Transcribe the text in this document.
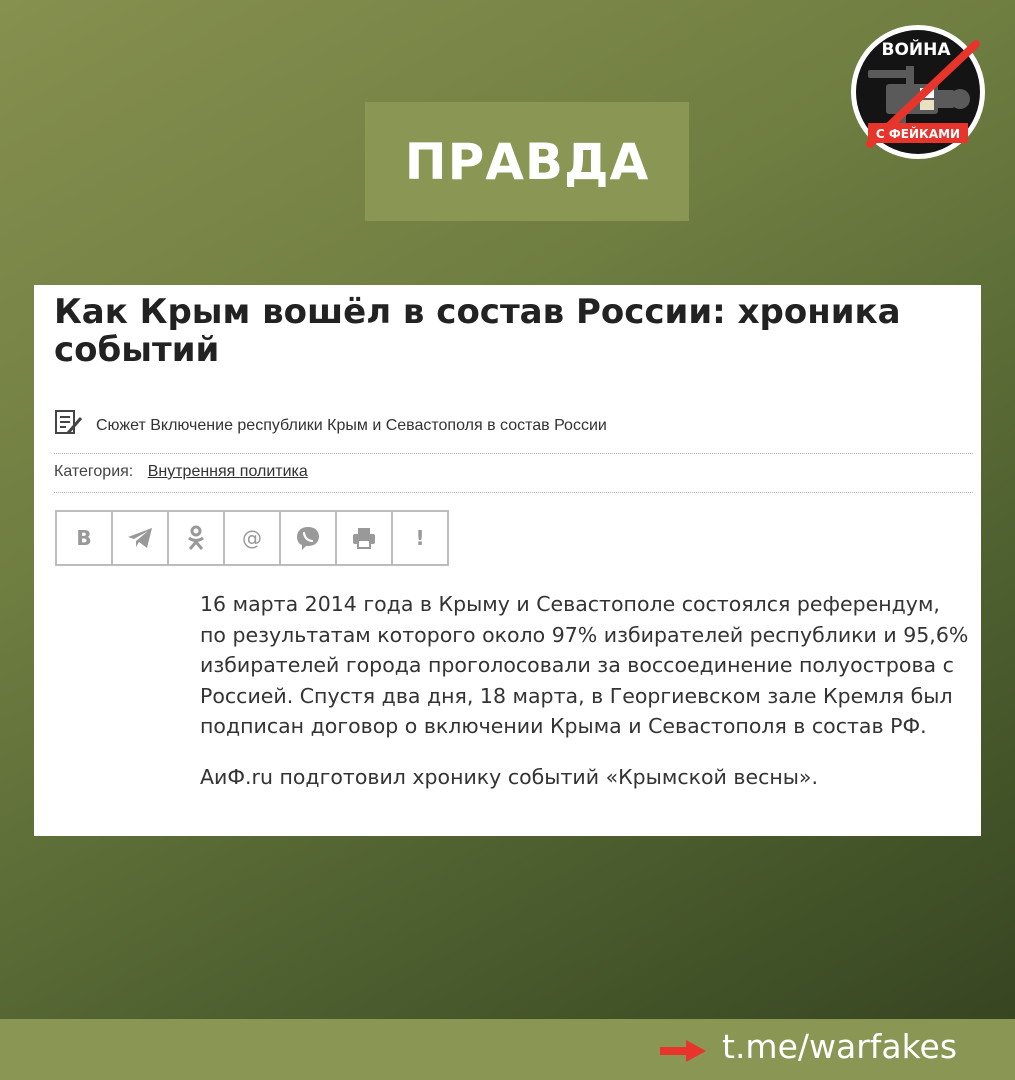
ПРАВДА
ВОЙНА
С ФЕЙКАМИ
Как Крым вошёл в состав России: хроника событий
Сюжет Включение республики Крым и Севастополя в состав России
Категория: Внутренняя политика
В	@	!

16 марта 2014 года в Крыму и Севастополе состоялся референдум, по результатам которого около 97% избирателей республики и 95,6% избирателей города проголосовали за воссоединение полуострова с Россией. Спустя два дня, 18 марта, в Георгиевском зале Кремля был подписан договор о включении Крыма и Севастополя в состав РФ.

АиФ.ru подготовил хронику событий «Крымской весны».

t.me/warfakes
